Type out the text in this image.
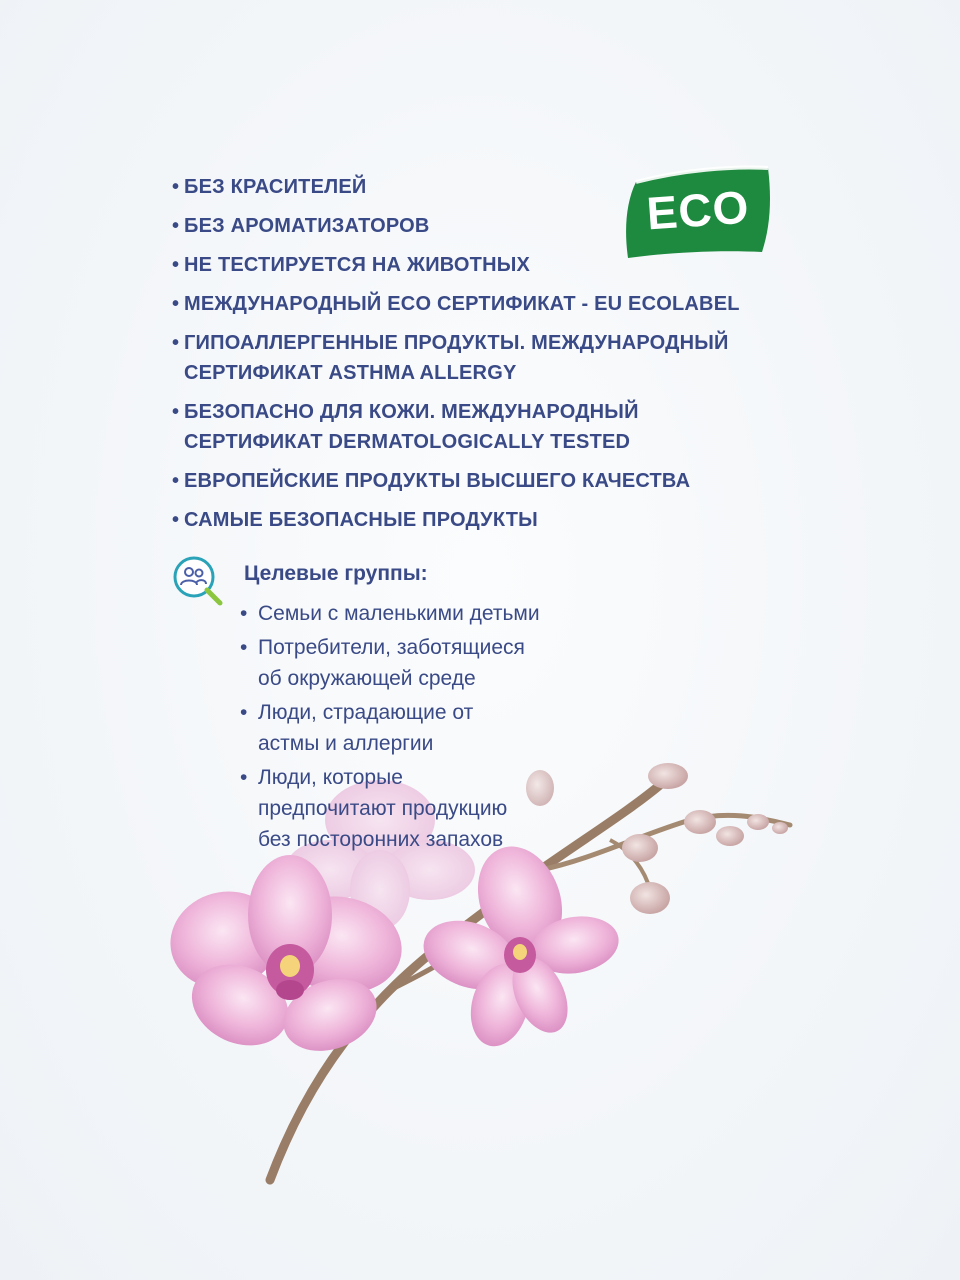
ECO
• БЕЗ КРАСИТЕЛЕЙ
• БЕЗ АРОМАТИЗАТОРОВ
• НЕ ТЕСТИРУЕТСЯ НА ЖИВОТНЫХ
• МЕЖДУНАРОДНЫЙ ECO СЕРТИФИКАТ - EU ECOLABEL
• ГИПОАЛЛЕРГЕННЫЕ ПРОДУКТЫ. МЕЖДУНАРОДНЫЙ
СЕРТИФИКАТ ASTHMA ALLERGY
• БЕЗОПАСНО ДЛЯ КОЖИ. МЕЖДУНАРОДНЫЙ
СЕРТИФИКАТ DERMATOLOGICALLY TESTED
• ЕВРОПЕЙСКИЕ ПРОДУКТЫ ВЫСШЕГО КАЧЕСТВА
• САМЫЕ БЕЗОПАСНЫЕ ПРОДУКТЫ
Целевые группы:
• Семьи с маленькими детьми
• Потребители, заботящиеся
об окружающей среде
• Люди, страдающие от
астмы и аллергии
• Люди, которые
предпочитают продукцию
без посторонних запахов
